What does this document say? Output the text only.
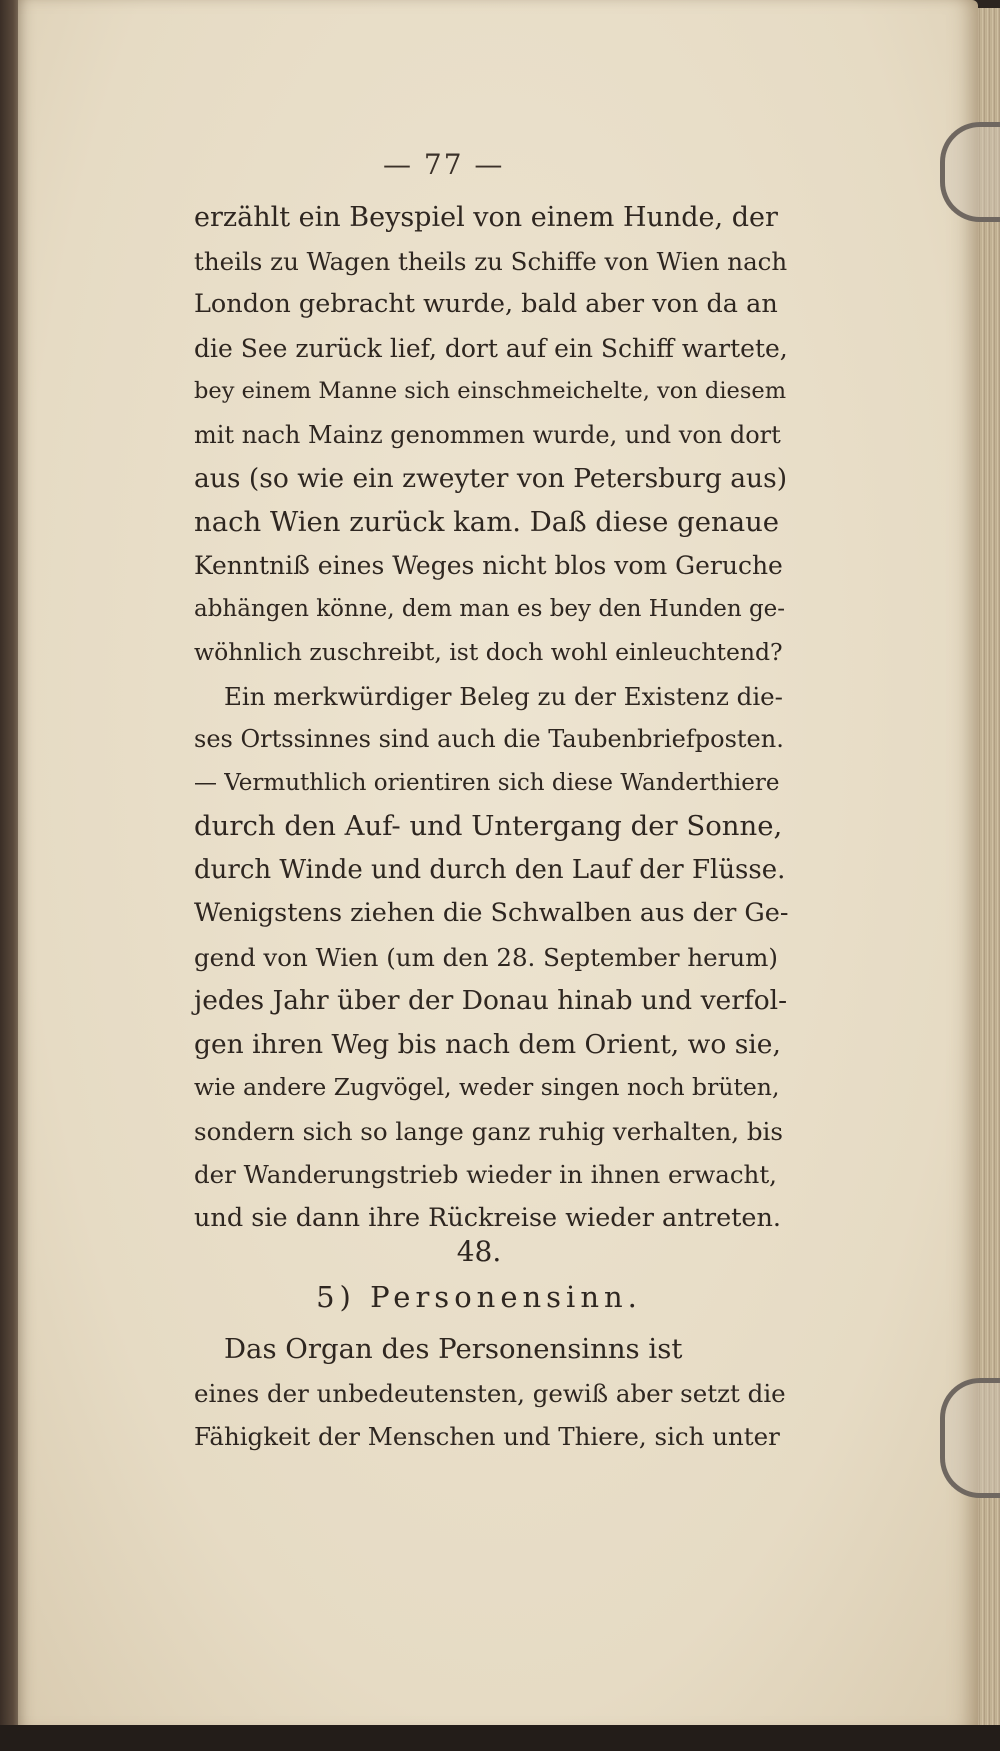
— 77 —
erzählt ein Beyspiel von einem Hunde, der
theils zu Wagen theils zu Schiffe von Wien nach
London gebracht wurde, bald aber von da an
die See zurück lief, dort auf ein Schiff wartete,
bey einem Manne sich einschmeichelte, von diesem
mit nach Mainz genommen wurde, und von dort
aus (so wie ein zweyter von Petersburg aus)
nach Wien zurück kam. Daß diese genaue
Kenntniß eines Weges nicht blos vom Geruche
abhängen könne, dem man es bey den Hunden ge-
wöhnlich zuschreibt, ist doch wohl einleuchtend?
Ein merkwürdiger Beleg zu der Existenz die-
ses Ortssinnes sind auch die Taubenbriefposten.
— Vermuthlich orientiren sich diese Wanderthiere
durch den Auf- und Untergang der Sonne,
durch Winde und durch den Lauf der Flüsse.
Wenigstens ziehen die Schwalben aus der Ge-
gend von Wien (um den 28. September herum)
jedes Jahr über der Donau hinab und verfol-
gen ihren Weg bis nach dem Orient, wo sie,
wie andere Zugvögel, weder singen noch brüten,
sondern sich so lange ganz ruhig verhalten, bis
der Wanderungstrieb wieder in ihnen erwacht,
und sie dann ihre Rückreise wieder antreten.
48.
5) Personensinn.
Das Organ des Personensinns ist
eines der unbedeutensten, gewiß aber setzt die
Fähigkeit der Menschen und Thiere, sich unter
